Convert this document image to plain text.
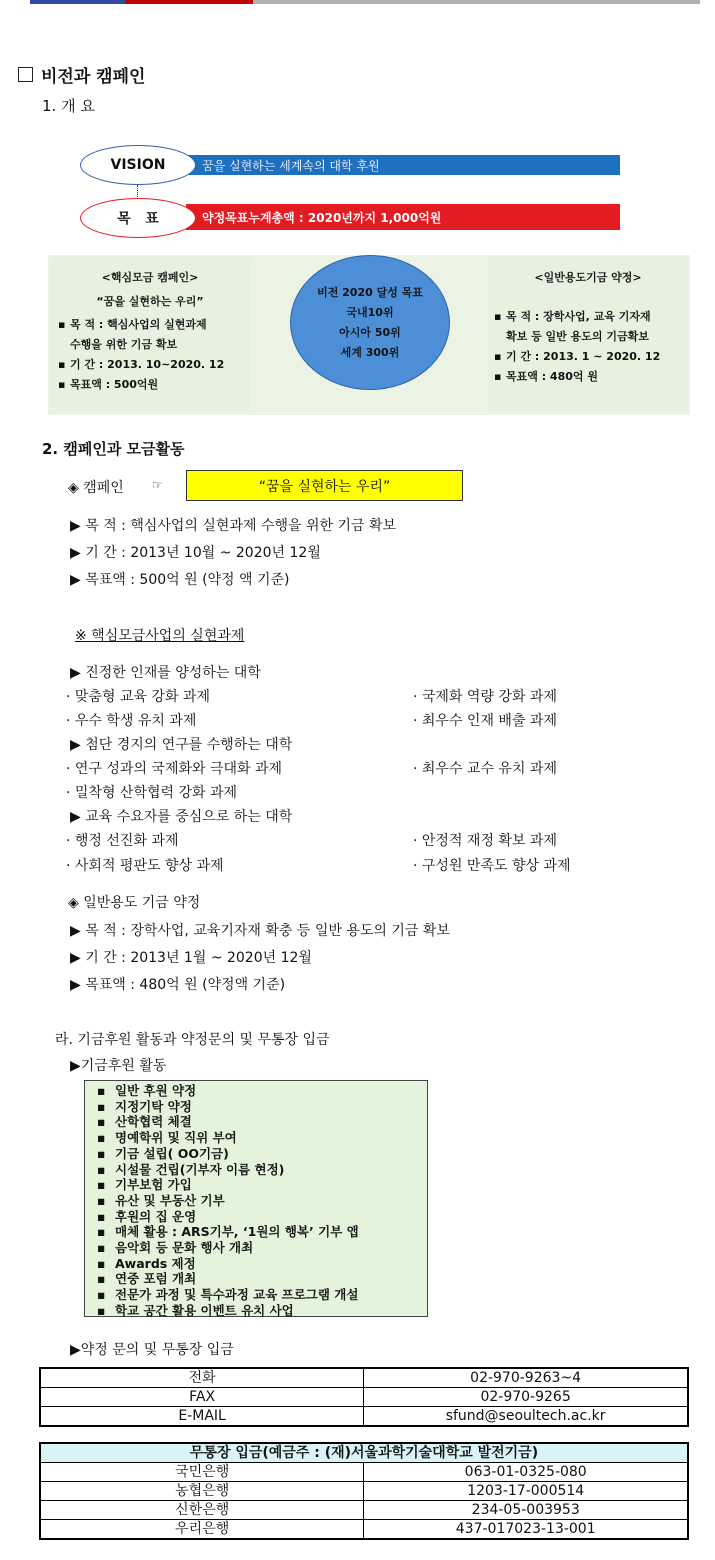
비전과 캠페인
1. 개 요
꿈을 실현하는 세계속의 대학 후원
VISION
약정목표누계총액 : 2020년까지 1,000억원
목   표
<핵심모금 캠페인>
“꿈을 실현하는 우리”
▪ 목 적 : 핵심사업의 실현과제
수행을 위한 기금 확보
▪ 기 간 : 2013. 10~2020. 12
▪ 목표액 : 500억원
비전 2020 달성 목표
국내10위
아시아 50위
세계 300위
<일반용도기금 약정>
▪ 목 적 : 장학사업, 교육 기자재
확보 등 일반 용도의 기금확보
▪ 기 간 : 2013. 1 ~ 2020. 12
▪ 목표액 : 480억 원
2. 캠페인과 모금활동
◈ 캠페인 ☞	“꿈을 실현하는 우리”
▶ 목 적 : 핵심사업의 실현과제 수행을 위한 기금 확보
▶ 기 간 : 2013년 10월 ~ 2020년 12월
▶ 목표액 : 500억 원 (약정 액 기준)
※ 핵심모금사업의 실현과제
▶ 진정한 인재를 양성하는 대학
· 맞춤형 교육 강화 과제	· 국제화 역량 강화 과제
· 우수 학생 유치 과제	· 최우수 인재 배출 과제
▶ 첨단 경지의 연구를 수행하는 대학
· 연구 성과의 국제화와 극대화 과제	· 최우수 교수 유치 과제
· 밀착형 산학협력 강화 과제
▶ 교육 수요자를 중심으로 하는 대학
· 행정 선진화 과제	· 안정적 재정 확보 과제
· 사회적 평판도 향상 과제	· 구성원 만족도 향상 과제
◈ 일반용도 기금 약정
▶ 목 적 : 장학사업, 교육기자재 확충 등 일반 용도의 기금 확보
▶ 기 간 : 2013년 1월 ~ 2020년 12월
▶ 목표액 : 480억 원 (약정액 기준)
라. 기금후원 활동과 약정문의 및 무통장 입금
▶기금후원 활동
▪ 일반 후원 약정
▪ 지정기탁 약정
▪ 산학협력 체결
▪ 명예학위 및 직위 부여
▪ 기금 설립( OO기금)
▪ 시설물 건립(기부자 이름 현정)
▪ 기부보험 가입
▪ 유산 및 부동산 기부
▪ 후원의 집 운영
▪ 매체 활용 : ARS기부, ‘1원의 행복’ 기부 앱
▪ 음악회 등 문화 행사 개최
▪ Awards 제정
▪ 연중 포럼 개최
▪ 전문가 과정 및 특수과정 교육 프로그램 개설
▪ 학교 공간 활용 이벤트 유치 사업
▶약정 문의 및 무통장 입금
전화	02-970-9263~4
FAX	02-970-9265
E-MAIL	sfund@seoultech.ac.kr
무통장 입금(예금주 : (재)서울과학기술대학교 발전기금)	
국민은행	063-01-0325-080
농협은행	1203-17-000514
신한은행	234-05-003953
우리은행	437-017023-13-001
